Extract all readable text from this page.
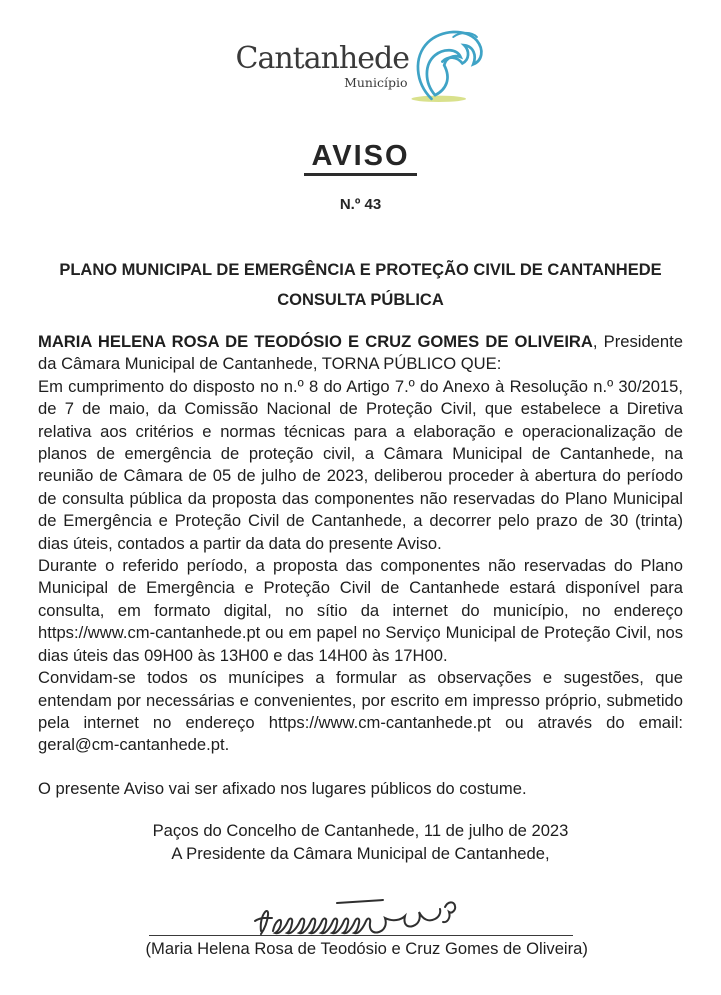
Cantanhede
Município
AVISO
N.º 43
PLANO MUNICIPAL DE EMERGÊNCIA E PROTEÇÃO CIVIL DE CANTANHEDE
CONSULTA PÚBLICA

MARIA HELENA ROSA DE TEODÓSIO E CRUZ GOMES DE OLIVEIRA, Presidente da Câmara Municipal de Cantanhede, TORNA PÚBLICO QUE:

Em cumprimento do disposto no n.º 8 do Artigo 7.º do Anexo à Resolução n.º 30/2015, de 7 de maio, da Comissão Nacional de Proteção Civil, que estabelece a Diretiva relativa aos critérios e normas técnicas para a elaboração e operacionalização de planos de emergência de proteção civil, a Câmara Municipal de Cantanhede, na reunião de Câmara de 05 de julho de 2023, deliberou proceder à abertura do período de consulta pública da proposta das componentes não reservadas do Plano Municipal de Emergência e Proteção Civil de Cantanhede, a decorrer pelo prazo de 30 (trinta) dias úteis, contados a partir da data do presente Aviso.

Durante o referido período, a proposta das componentes não reservadas do Plano Municipal de Emergência e Proteção Civil de Cantanhede estará disponível para consulta, em formato digital, no sítio da internet do município, no endereço https://www.cm-cantanhede.pt ou em papel no Serviço Municipal de Proteção Civil, nos dias úteis das 09H00 às 13H00 e das 14H00 às 17H00.

Convidam-se todos os munícipes a formular as observações e sugestões, que entendam por necessárias e convenientes, por escrito em impresso próprio, submetido pela internet no endereço https://www.cm-cantanhede.pt ou através do email: geral@cm-cantanhede.pt.

O presente Aviso vai ser afixado nos lugares públicos do costume.

Paços do Concelho de Cantanhede, 11 de julho de 2023
A Presidente da Câmara Municipal de Cantanhede,
(Maria Helena Rosa de Teodósio e Cruz Gomes de Oliveira)
